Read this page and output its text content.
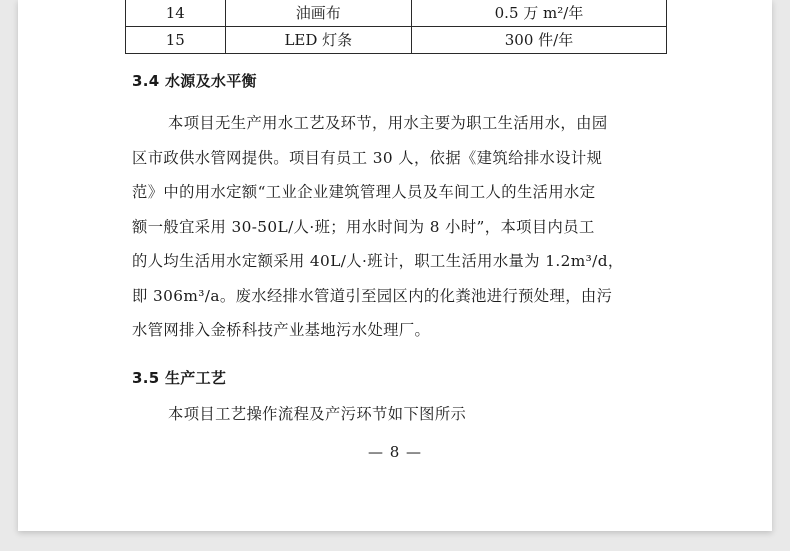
14	油画布	0.5 万 m²/年
15	LED 灯条	300 件/年
3.4 水源及水平衡

本项目无生产用水工艺及环节，用水主要为职工生活用水，由园
区市政供水管网提供。项目有员工 30 人，依据《建筑给排水设计规
范》中的用水定额“工业企业建筑管理人员及车间工人的生活用水定
额一般宜采用 30-50L/人·班；用水时间为 8 小时”，本项目内员工
的人均生活用水定额采用 40L/人·班计，职工生活用水量为 1.2m³/d，
即 306m³/a。废水经排水管道引至园区内的化粪池进行预处理，由污
水管网排入金桥科技产业基地污水处理厂。

3.5 生产工艺
本项目工艺操作流程及产污环节如下图所示
— 8 —
